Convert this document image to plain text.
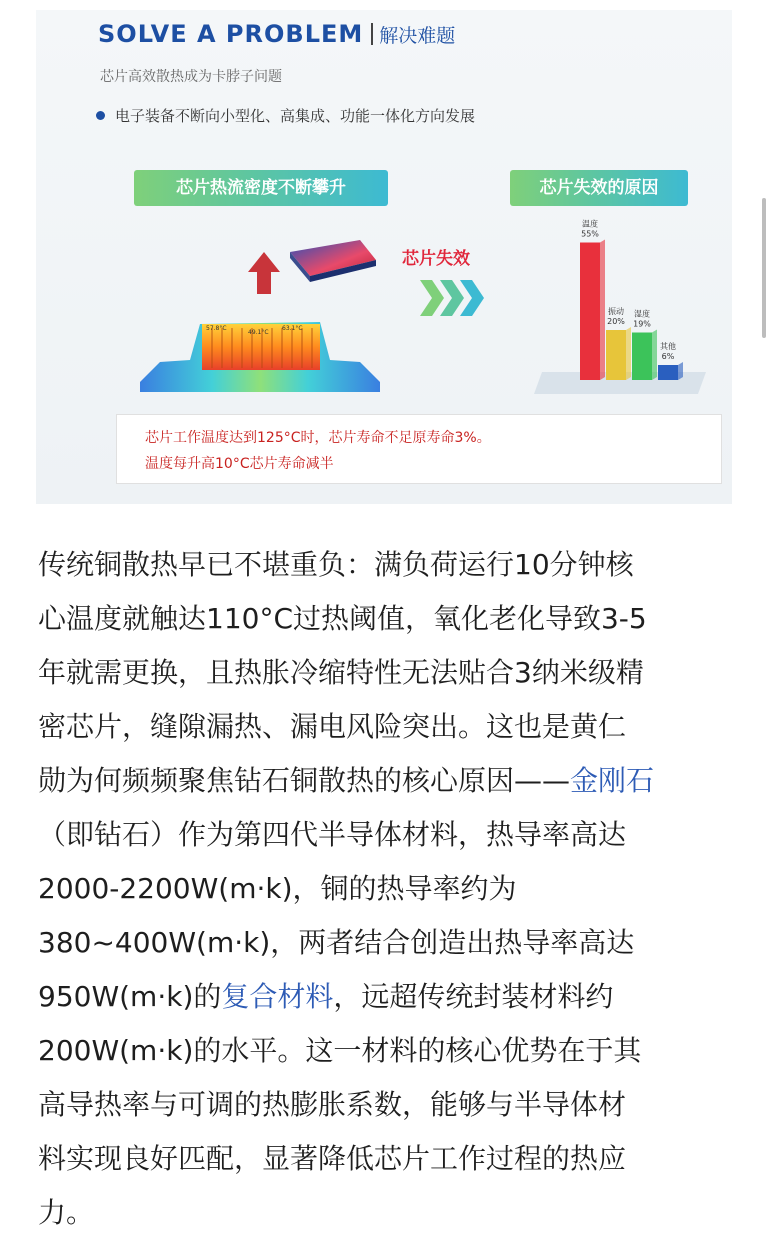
SOLVE A PROBLEM 解决难题
芯片高效散热成为卡脖子问题
电子装备不断向小型化、高集成、功能一体化方向发展
芯片热流密度不断攀升	芯片失效的原因
57.8°C
49.1°C
63.1°C
芯片失效
温度
55%
振动
20%
湿度
19%
其他
6%
芯片工作温度达到125°C时，芯片寿命不足原寿命3%。
温度每升高10°C芯片寿命减半
传统铜散热早已不堪重负：满负荷运行10分钟核
心温度就触达110°C过热阈值，氧化老化导致3-5
年就需更换，且热胀冷缩特性无法贴合3纳米级精
密芯片，缝隙漏热、漏电风险突出。这也是黄仁
勋为何频频聚焦钻石铜散热的核心原因——金刚石
（即钻石）作为第四代半导体材料，热导率高达
2000-2200W(m·k)，铜的热导率约为
380~400W(m·k)，两者结合创造出热导率高达
950W(m·k)的复合材料，远超传统封装材料约
200W(m·k)的水平。这一材料的核心优势在于其
高导热率与可调的热膨胀系数，能够与半导体材
料实现良好匹配，显著降低芯片工作过程的热应
力。
